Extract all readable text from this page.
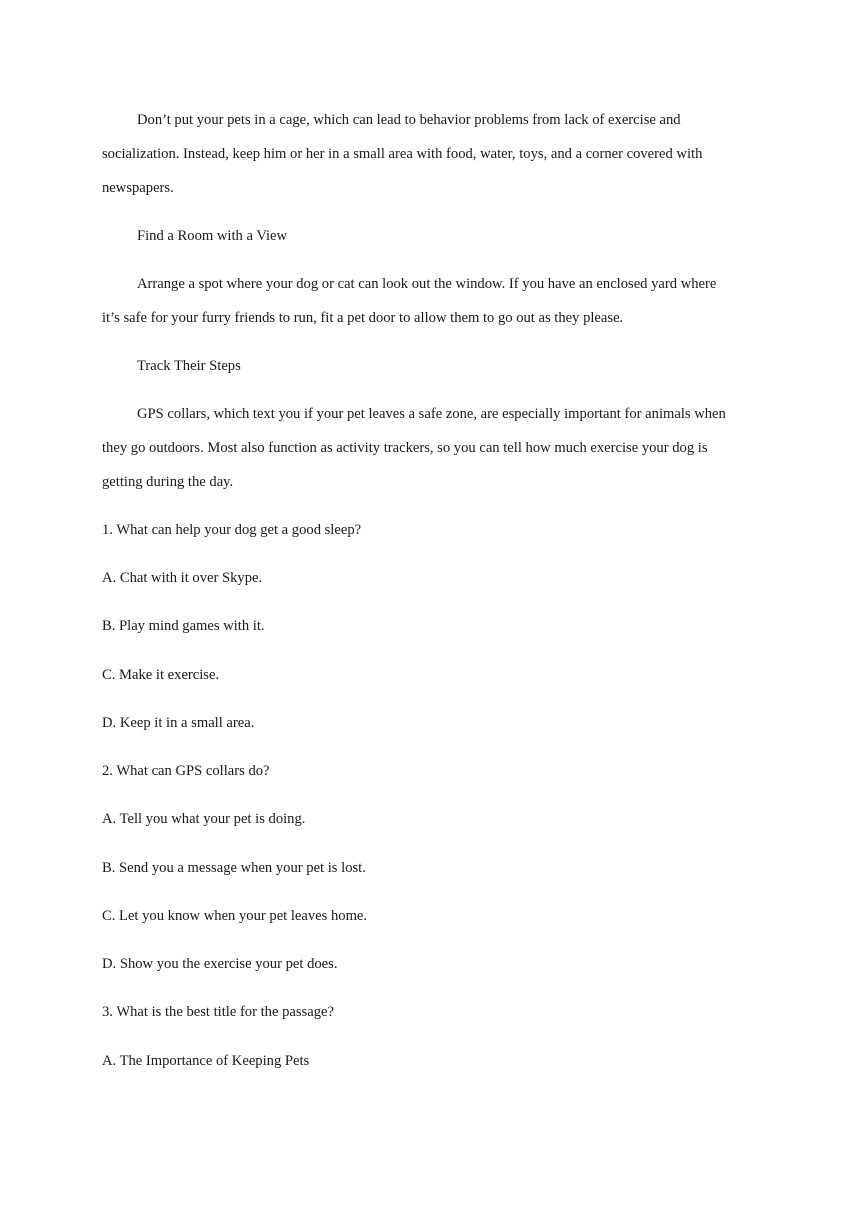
Don’t put your pets in a cage, which can lead to behavior problems from lack of exercise and
socialization. Instead, keep him or her in a small area with food, water, toys, and a corner covered with
newspapers.
Find a Room with a View
Arrange a spot where your dog or cat can look out the window. If you have an enclosed yard where
it’s safe for your furry friends to run, fit a pet door to allow them to go out as they please.
Track Their Steps
GPS collars, which text you if your pet leaves a safe zone, are especially important for animals when
they go outdoors. Most also function as activity trackers, so you can tell how much exercise your dog is
getting during the day.
1. What can help your dog get a good sleep?
A. Chat with it over Skype.
B. Play mind games with it.
C. Make it exercise.
D. Keep it in a small area.
2. What can GPS collars do?
A. Tell you what your pet is doing.
B. Send you a message when your pet is lost.
C. Let you know when your pet leaves home.
D. Show you the exercise your pet does.
3. What is the best title for the passage?
A. The Importance of Keeping Pets
